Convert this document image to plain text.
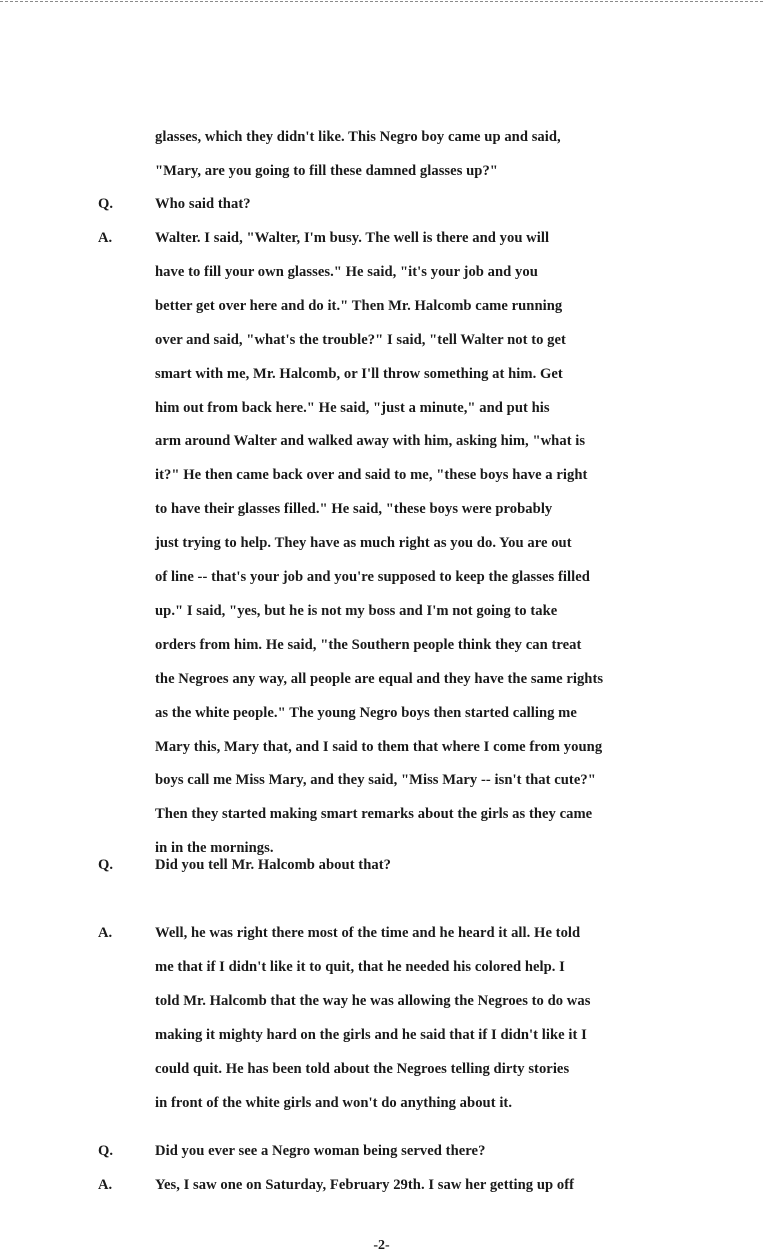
-2-
glasses, which they didn't like. This Negro boy came up and said,
"Mary, are you going to fill these damned glasses up?"
Q.	Who said that?
A.	Walter. I said, "Walter, I'm busy. The well is there and you will
have to fill your own glasses." He said, "it's your job and you
better get over here and do it." Then Mr. Halcomb came running
over and said, "what's the trouble?" I said, "tell Walter not to get
smart with me, Mr. Halcomb, or I'll throw something at him. Get
him out from back here." He said, "just a minute," and put his
arm around Walter and walked away with him, asking him, "what is
it?" He then came back over and said to me, "these boys have a right
to have their glasses filled." He said, "these boys were probably
just trying to help. They have as much right as you do. You are out
of line -- that's your job and you're supposed to keep the glasses filled
up." I said, "yes, but he is not my boss and I'm not going to take
orders from him. He said, "the Southern people think they can treat
the Negroes any way, all people are equal and they have the same rights
as the white people." The young Negro boys then started calling me
Mary this, Mary that, and I said to them that where I come from young
boys call me Miss Mary, and they said, "Miss Mary -- isn't that cute?"
Then they started making smart remarks about the girls as they came
in in the mornings.
Q.	Did you tell Mr. Halcomb about that?
A.	Well, he was right there most of the time and he heard it all. He told
me that if I didn't like it to quit, that he needed his colored help. I
told Mr. Halcomb that the way he was allowing the Negroes to do was
making it mighty hard on the girls and he said that if I didn't like it I
could quit. He has been told about the Negroes telling dirty stories
in front of the white girls and won't do anything about it.
Q.	Did you ever see a Negro woman being served there?
A.	Yes, I saw one on Saturday, February 29th. I saw her getting up off
